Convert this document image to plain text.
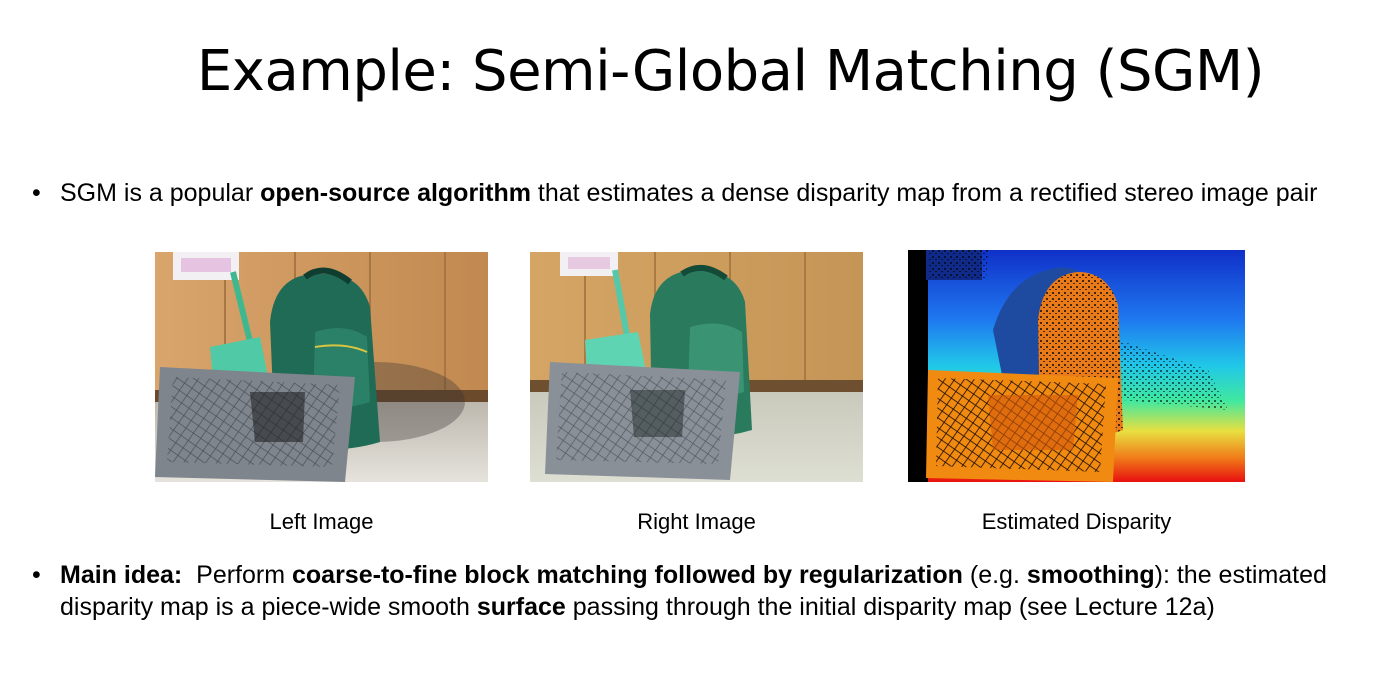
Example: Semi-Global Matching (SGM)
• SGM is a popular open-source algorithm that estimates a dense disparity map from a rectified stereo image pair
Left Image	Right Image	Estimated Disparity
• Main idea:  Perform coarse-to-fine block matching followed by regularization (e.g. smoothing): the estimated disparity map is a piece-wide smooth surface passing through the initial disparity map (see Lecture 12a)
